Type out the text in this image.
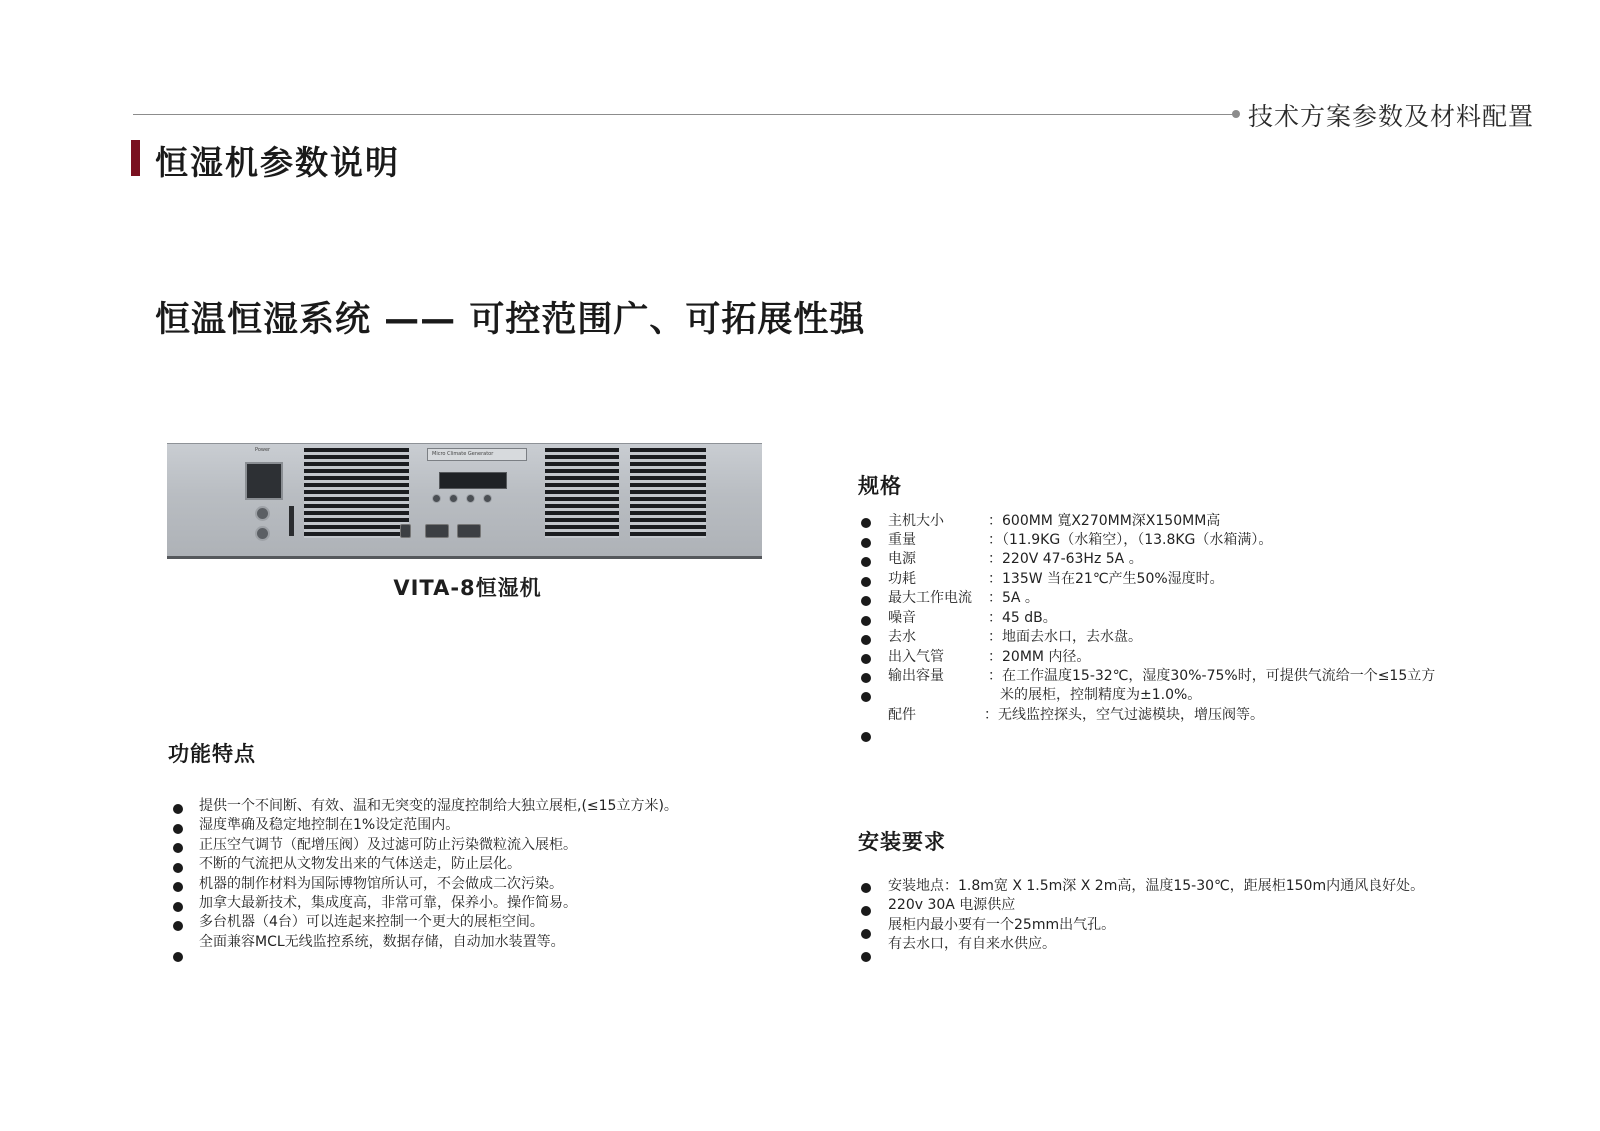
技术方案参数及材料配置
恒湿机参数说明
恒温恒湿系统 —— 可控范围广、可拓展性强
Power
Micro Climate Generator
VITA-8恒湿机
规格
主机大小	：600MM 寬X270MM深X150MM高
重量	：（11.9KG（水箱空），（13.8KG（水箱满）。
电源	：220V 47-63Hz 5A 。
功耗	：135W 当在21℃产生50%湿度时。
最大工作电流 ：5A 。
噪音	：45 dB。
去水	：地面去水口，去水盘。
出入气管	：20MM 内径。
输出容量	：在工作温度15-32℃，湿度30%-75%时，可提供气流给一个≤15立方
米的展柜，控制精度为±1.0%。
配件	：无线监控探头，空气过滤模块，增压阀等。
功能特点
提供一个不间断、有效、温和无突变的湿度控制给大独立展柜,(≤15立方米)。
湿度準确及稳定地控制在1%设定范围内。
正压空气调节（配增压阀）及过滤可防止污染微粒流入展柜。
不断的气流把从文物发出来的气体送走，防止层化。
机器的制作材料为国际博物馆所认可，不会做成二次污染。
加拿大最新技术，集成度高，非常可靠，保养小。操作简易。
多台机器（4台）可以连起来控制一个更大的展柜空间。
全面兼容MCL无线监控系统，数据存储，自动加水装置等。
安装要求
安装地点：1.8m宽 X 1.5m深 X 2m高，温度15-30℃，距展柜150m内通风良好处。
220v 30A 电源供应
展柜内最小要有一个25mm出气孔。
有去水口，有自来水供应。
